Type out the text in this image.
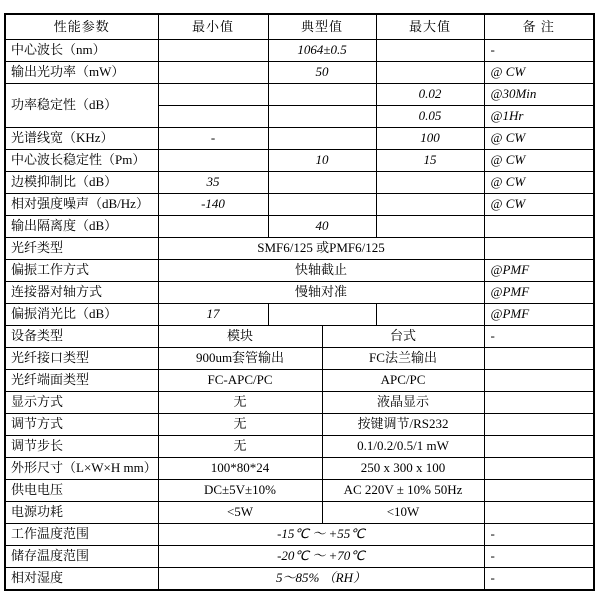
性能参数	最小值	典型值		最大值	备 注
中心波长（nm）		1064±0.5			-
输出光功率（mW）		50			@ CW
功率稳定性（dB）				0.02	@30Min
				0.05	@1Hr
光谱线宽（KHz）	-			100	@ CW
中心波长稳定性（Pm）		10		15	@ CW
边模抑制比（dB）	35				@ CW
相对强度噪声（dB/Hz）	-140				@ CW
输出隔离度（dB）		40			
光纤类型	SMF6/125 或PMF6/125				
偏振工作方式	快轴截止				@PMF
连接器对轴方式	慢轴对准				@PMF
偏振消光比（dB）	17				@PMF
设备类型	模块		台式		-
光纤接口类型	900um套管输出		FC法兰输出		
光纤端面类型	FC-APC/PC		APC/PC		
显示方式	无		液晶显示		
调节方式	无		按键调节/RS232		
调节步长	无		0.1/0.2/0.5/1 mW		
外形尺寸（L×W×H mm）	100*80*24		250 x 300 x 100		
供电电压	DC±5V±10%		AC 220V ± 10% 50Hz		
电源功耗	<5W		<10W		
工作温度范围	-15℃ ～ +55℃				-
储存温度范围	-20℃ ～ +70℃				-
相对湿度	5～85% （RH）				-
